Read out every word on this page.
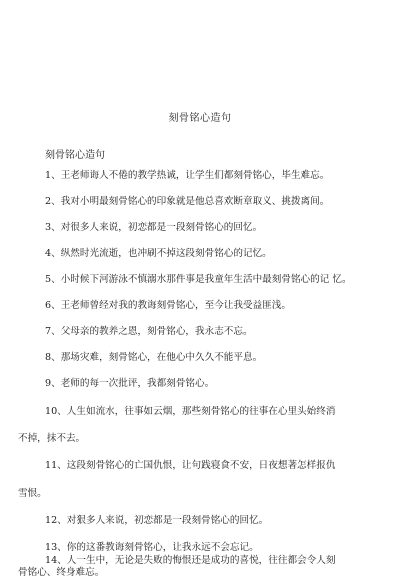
刻骨铭心造句
刻骨铭心造句
1、王老师诲人不倦的教学热诚，让学生们都刻骨铭心，毕生难忘。
2、我对小明最刻骨铭心的印象就是他总喜欢断章取义、挑拨离间。
3、对很多人来说，初恋都是一段刻骨铭心的回忆。
4、纵然时光流逝，也冲刷不掉这段刻骨铭心的记忆。
5、小时候下河游泳不慎溺水那件事是我童年生活中最刻骨铭心的记 忆。
6、王老师曾经对我的教诲刻骨铭心，至今让我受益匪浅。
7、父母亲的教养之恩，刻骨铭心，我永志不忘。
8、那场灾难，刻骨铭心，在他心中久久不能平息。
9、老师的每一次批评，我都刻骨铭心。
10、人生如流水，往事如云烟，那些刻骨铭心的往事在心里头始终消
不掉，抹不去。
11、这段刻骨铭心的亡国仇恨，让句践寝食不安，日夜想著怎样报仇
雪恨。
12、对狠多人来说，初恋都是一段刻骨铭心的回忆。
13、你的这番教诲刻骨铭心，让我永远不会忘记。
14、人一生中，无论是失败的悔恨还是成功的喜悦，往往都会令人刻
骨铭心、终身难忘。
